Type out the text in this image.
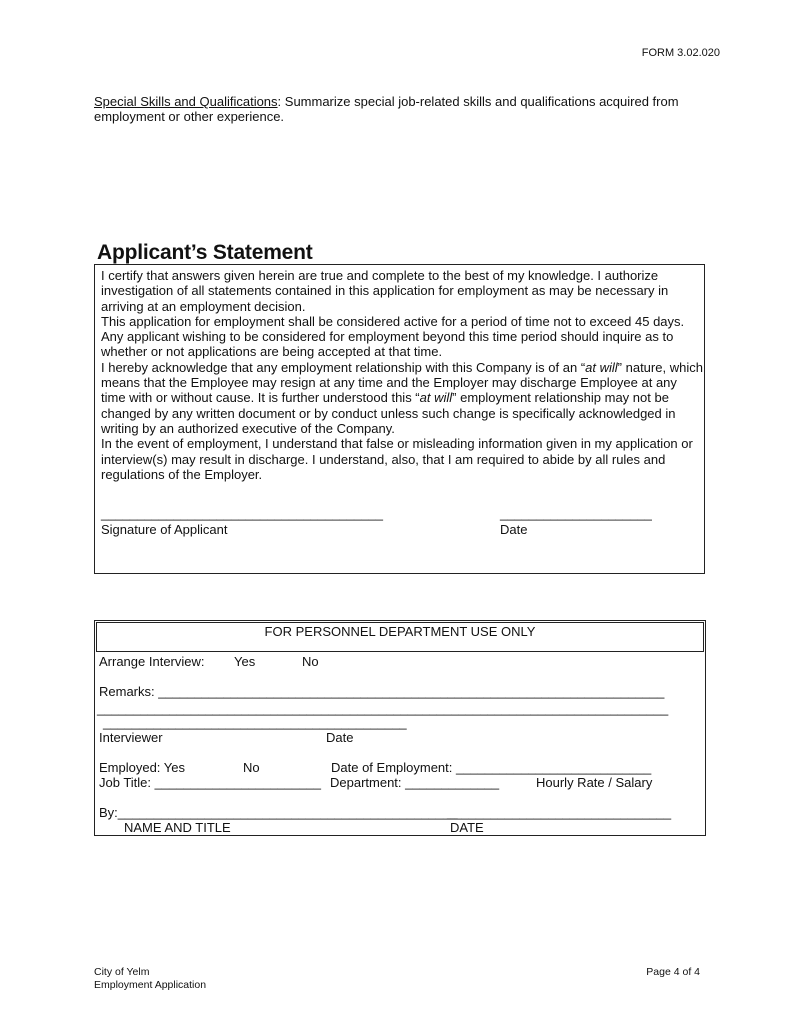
FORM 3.02.020
Special Skills and Qualifications: Summarize special job-related skills and qualifications acquired from employment or other experience.
Applicant’s Statement

I certify that answers given herein are true and complete to the best of my knowledge. I authorize investigation of all statements contained in this application for employment as may be necessary in arriving at an employment decision.

This application for employment shall be considered active for a period of time not to exceed 45 days. Any applicant wishing to be considered for employment beyond this time period should inquire as to whether or not applications are being accepted at that time.

I hereby acknowledge that any employment relationship with this Company is of an “at will” nature, which means that the Employee may resign at any time and the Employer may discharge Employee at any time with or without cause. It is further understood this “at will” employment relationship may not be changed by any written document or by conduct unless such change is specifically acknowledged in writing by an authorized executive of the Company.

In the event of employment, I understand that false or misleading information given in my application or interview(s) may result in discharge. I understand, also, that I am required to abide by all rules and regulations of the Employer.

_______________________________________	_____________________
Signature of Applicant	Date
FOR PERSONNEL DEPARTMENT USE ONLY
Arrange Interview: Yes	No
Remarks: ______________________________________________________________________
_______________________________________________________________________________
__________________________________________
Interviewer	Date
Employed: Yes	No	Date of Employment: ___________________________
Job Title: _______________________ Department: _____________	Hourly Rate / Salary
By:_______________________________________________
_______________________________
NAME AND TITLE	DATE
City of Yelm
Employment Application
Page 4 of 4
